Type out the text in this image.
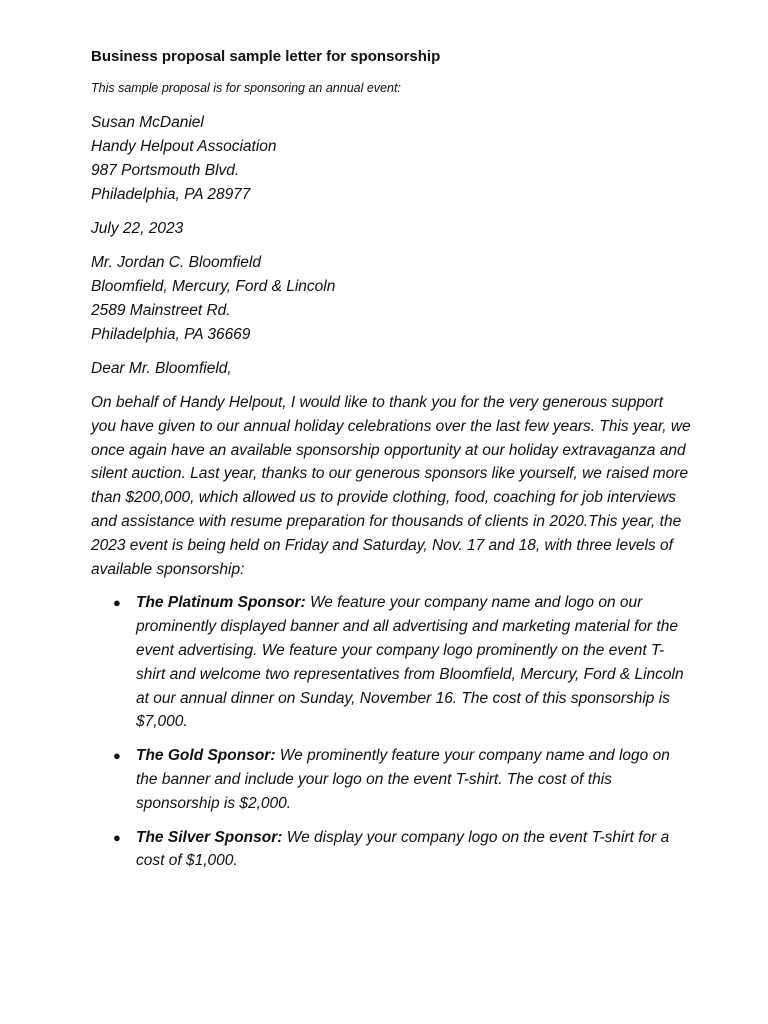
Business proposal sample letter for sponsorship
This sample proposal is for sponsoring an annual event:
Susan McDaniel
Handy Helpout Association
987 Portsmouth Blvd.
Philadelphia, PA 28977
July 22, 2023
Mr. Jordan C. Bloomfield
Bloomfield, Mercury, Ford & Lincoln
2589 Mainstreet Rd.
Philadelphia, PA 36669
Dear Mr. Bloomfield,

On behalf of Handy Helpout, I would like to thank you for the very generous support you have given to our annual holiday celebrations over the last few years. This year, we once again have an available sponsorship opportunity at our holiday extravaganza and silent auction. Last year, thanks to our generous sponsors like yourself, we raised more than $200,000, which allowed us to provide clothing, food, coaching for job interviews and assistance with resume preparation for thousands of clients in 2020.This year, the 2023 event is being held on Friday and Saturday, Nov. 17 and 18, with three levels of available sponsorship:

● The Platinum Sponsor: We feature your company name and logo on our prominently displayed banner and all advertising and marketing material for the event advertising. We feature your company logo prominently on the event T-shirt and welcome two representatives from Bloomfield, Mercury, Ford & Lincoln at our annual dinner on Sunday, November 16. The cost of this sponsorship is $7,000.
● The Gold Sponsor: We prominently feature your company name and logo on the banner and include your logo on the event T-shirt. The cost of this sponsorship is $2,000.
● The Silver Sponsor: We display your company logo on the event T-shirt for a cost of $1,000.
